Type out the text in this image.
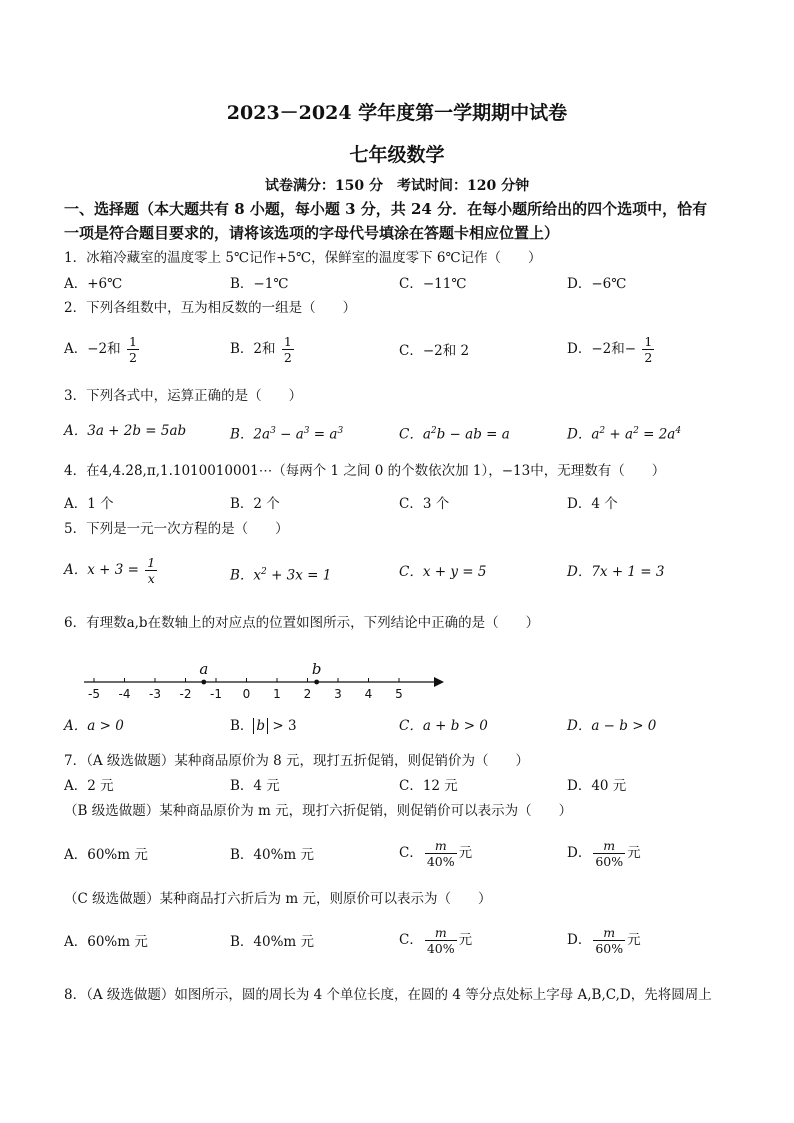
2023－2024 学年度第一学期期中试卷
七年级数学
试卷满分：150 分　考试时间：120 分钟
一、选择题（本大题共有 8 小题，每小题 3 分，共 24 分．在每小题所给出的四个选项中，恰有
一项是符合题目要求的，请将该选项的字母代号填涂在答题卡相应位置上）
1．冰箱冷藏室的温度零上 5℃记作+5℃，保鲜室的温度零下 6℃记作（　　）
A．+6℃	B．−1℃	C．−11℃	D．−6℃
2．下列各组数中，互为相反数的一组是（　　）
A．−2和 $\frac{1}{2}$	B．2和 $\frac{1}{2}$	C．−2和 2	D．−2和− $\frac{1}{2}$
3．下列各式中，运算正确的是（　　）
A．3a + 2b = 5ab	B．$2a^3 - a^3 = a^3$	C．$a^2b$ − ab = a	D．$a^2 + a^2 = 2a^4$
4．在4,4.2̇8̇,π,1.1010010001⋯（每两个 1 之间 0 的个数依次加 1），−13中，无理数有（　　）
A．1 个	B．2 个	C．3 个	D．4 个
5．下列是一元一次方程的是（　　）
A．$x + 3 = \frac{1}{x}$	B．$x^2 + 3x = 1$	C．x + y = 5	D．7x + 1 = 3
6．有理数a,b在数轴上的对应点的位置如图所示，下列结论中正确的是（　　）
-5 -4 -3 -2 -1 0 1 2 3 4 5
a	b
A．a > 0	B． b > 3	C．a + b > 0	D．a − b > 0
7．（A 级选做题）某种商品原价为 8 元，现打五折促销，则促销价为（　　）
A．2 元	B．4 元	C．12 元	D．40 元
（B 级选做题）某种商品原价为 m 元，现打六折促销，则促销价可以表示为（　　）
A．60%m 元	B．40%m 元	C． $\frac{m}{40\%}$ 元	D． $\frac{m}{60\%}$ 元
（C 级选做题）某种商品打六折后为 m 元，则原价可以表示为（　　）
A．60%m 元	B．40%m 元	C． $\frac{m}{40\%}$ 元	D． $\frac{m}{60\%}$ 元
8．（A 级选做题）如图所示，圆的周长为 4 个单位长度，在圆的 4 等分点处标上字母 A,B,C,D，先将圆周上
